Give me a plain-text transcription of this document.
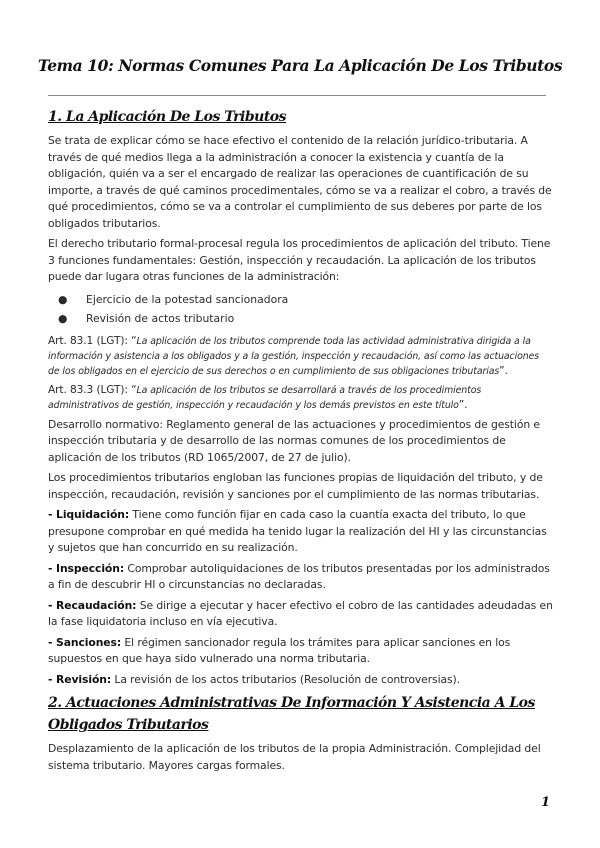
Tema 10: Normas Comunes Para La Aplicación De Los Tributos
1. La Aplicación De Los Tributos

Se trata de explicar cómo se hace efectivo el contenido de la relación jurídico-tributaria. A través de qué medios llega a la administración a conocer la existencia y cuantía de la obligación, quién va a ser el encargado de realizar las operaciones de cuantificación de su importe, a través de qué caminos procedimentales, cómo se va a realizar el cobro, a través de qué procedimientos, cómo se va a controlar el cumplimiento de sus deberes por parte de los obligados tributarios.

El derecho tributario formal-procesal regula los procedimientos de aplicación del tributo. Tiene 3 funciones fundamentales: Gestión, inspección y recaudación. La aplicación de los tributos puede dar lugara otras funciones de la administración:

● Ejercicio de la potestad sancionadora
● Revisión de actos tributario

Art. 83.1 (LGT): “La aplicación de los tributos comprende toda las actividad administrativa dirigida a la información y asistencia a los obligados y a la gestión, inspección y recaudación, así como las actuaciones de los obligados en el ejercicio de sus derechos o en cumplimiento de sus obligaciones tributarias”.

Art. 83.3 (LGT): “La aplicación de los tributos se desarrollará a través de los procedimientos administrativos de gestión, inspección y recaudación y los demás previstos en este título”.

Desarrollo normativo: Reglamento general de las actuaciones y procedimientos de gestión e inspección tributaria y de desarrollo de las normas comunes de los procedimientos de aplicación de los tributos (RD 1065/2007, de 27 de julio).

Los procedimientos tributarios engloban las funciones propias de liquidación del tributo, y de inspección, recaudación, revisión y sanciones por el cumplimiento de las normas tributarias.

- Liquidación: Tiene como función fijar en cada caso la cuantía exacta del tributo, lo que presupone comprobar en qué medida ha tenido lugar la realización del HI y las circunstancias y sujetos que han concurrido en su realización.

- Inspección: Comprobar autoliquidaciones de los tributos presentadas por los administrados a fin de descubrir HI o circunstancias no declaradas.

- Recaudación: Se dirige a ejecutar y hacer efectivo el cobro de las cantidades adeudadas en la fase liquidatoria incluso en vía ejecutiva.

- Sanciones: El régimen sancionador regula los trámites para aplicar sanciones en los supuestos en que haya sido vulnerado una norma tributaria.

- Revisión: La revisión de los actos tributarios (Resolución de controversias).

2. Actuaciones Administrativas De Información Y Asistencia A Los Obligados Tributarios

Desplazamiento de la aplicación de los tributos de la propia Administración. Complejidad del sistema tributario. Mayores cargas formales.

1
